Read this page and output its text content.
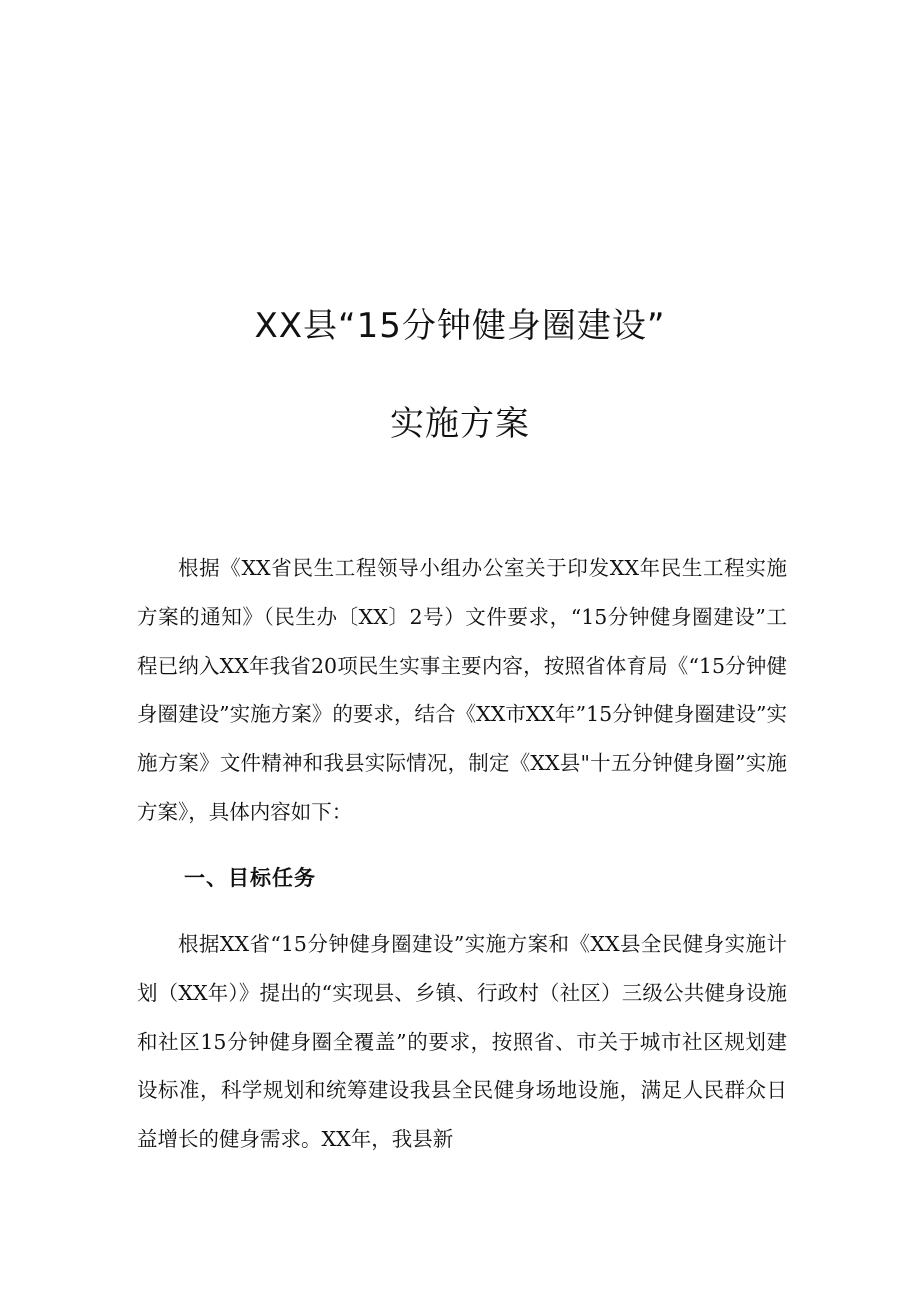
XX县“15分钟健身圈建设”
实施方案

根据《XX省民生工程领导小组办公室关于印发XX年民生工程实施方案的通知》（民生办〔XX〕2号）文件要求，“15分钟健身圈建设”工程已纳入XX年我省20项民生实事主要内容，按照省体育局《“15分钟健身圈建设”实施方案》的要求，结合《XX市XX年”15分钟健身圈建设”实施方案》文件精神和我县实际情况，制定《XX县"十五分钟健身圈”实施方案》，具体内容如下：

一、目标任务

根据XX省“15分钟健身圈建设”实施方案和《XX县全民健身实施计划（XX年）》提出的“实现县、乡镇、行政村（社区）三级公共健身设施和社区15分钟健身圈全覆盖”的要求，按照省、市关于城市社区规划建设标准，科学规划和统筹建设我县全民健身场地设施，满足人民群众日益增长的健身需求。XX年，我县新
